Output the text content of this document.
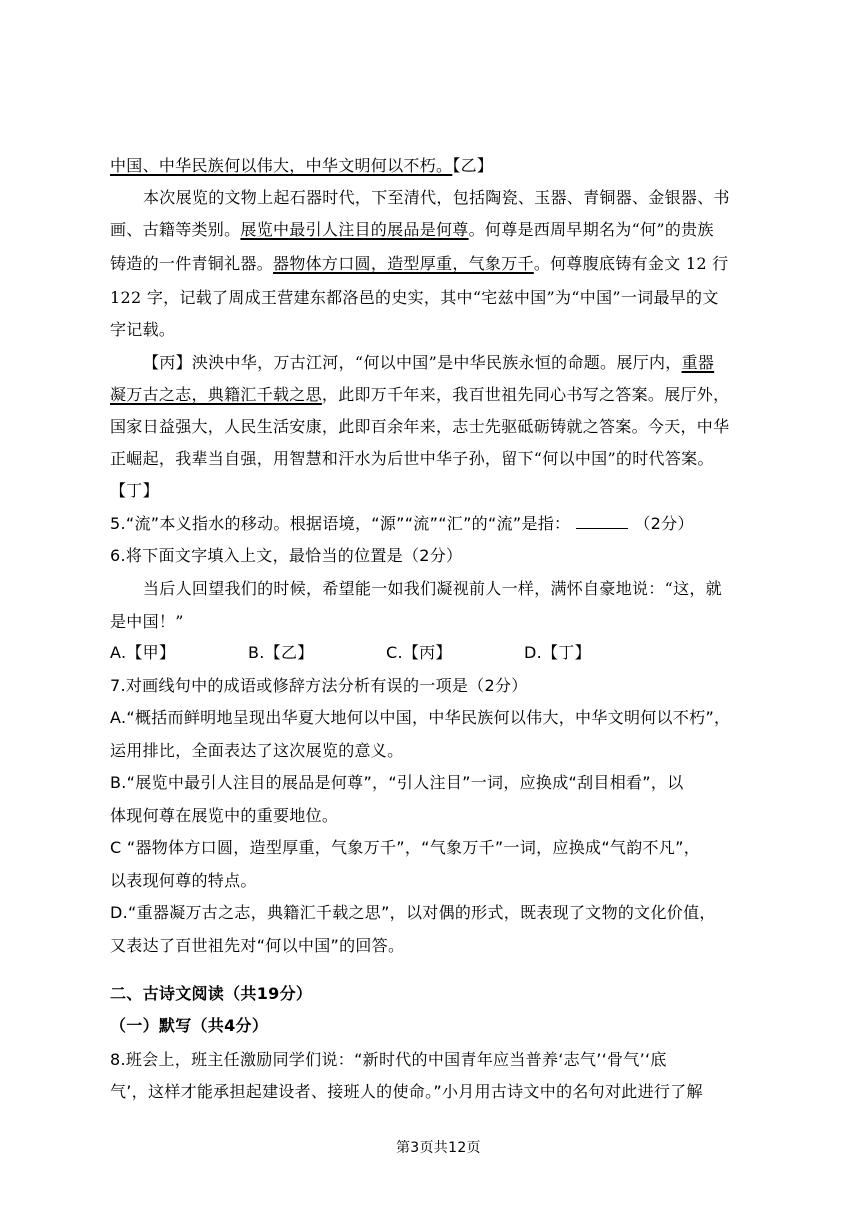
中国、中华民族何以伟大，中华文明何以不朽。【乙】
本次展览的文物上起石器时代，下至清代，包括陶瓷、玉器、青铜器、金银器、书
画、古籍等类别。展览中最引人注目的展品是何尊。何尊是西周早期名为“何”的贵族
铸造的一件青铜礼器。器物体方口圆，造型厚重，气象万千。何尊腹底铸有金文 12 行
122 字，记载了周成王营建东都洛邑的史实，其中“宅兹中国”为“中国”一词最早的文
字记载。
【丙】泱泱中华，万古江河，“何以中国”是中华民族永恒的命题。展厅内，重器
凝万古之志，典籍汇千载之思，此即万千年来，我百世祖先同心书写之答案。展厅外，
国家日益强大，人民生活安康，此即百余年来，志士先驱砥砺铸就之答案。今天，中华
正崛起，我辈当自强，用智慧和汗水为后世中华子孙，留下“何以中国”的时代答案。
【丁】
5.“流”本义指水的移动。根据语境，“源”“流”“汇”的“流”是指：	（2分）
6.将下面文字填入上文，最恰当的位置是（2分）
当后人回望我们的时候，希望能一如我们凝视前人一样，满怀自豪地说：“这，就
是中国！”
A.【甲】	B.【乙】	C.【丙】	D.【丁】
7.对画线句中的成语或修辞方法分析有误的一项是（2分）
A.“概括而鲜明地呈现出华夏大地何以中国，中华民族何以伟大，中华文明何以不朽”，
运用排比，全面表达了这次展览的意义。
B.“展览中最引人注目的展品是何尊”，“引人注目”一词，应换成“刮目相看”，以
体现何尊在展览中的重要地位。
C “器物体方口圆，造型厚重，气象万千”，“气象万千”一词，应换成“气韵不凡”，
以表现何尊的特点。
D.“重器凝万古之志，典籍汇千载之思”，以对偶的形式，既表现了文物的文化价值，
又表达了百世祖先对“何以中国”的回答。
二、古诗文阅读（共19分）
（一）默写（共4分）
8.班会上，班主任激励同学们说：“新时代的中国青年应当普养‘志气’‘骨气’‘底
气’，这样才能承担起建设者、接班人的使命。”小月用古诗文中的名句对此进行了解
第3页共12页
